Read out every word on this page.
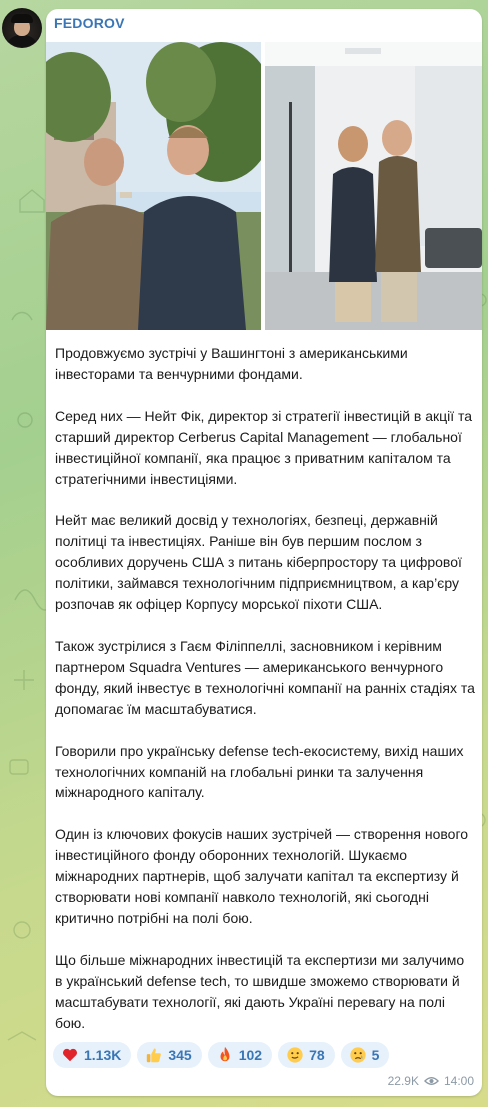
FEDOROV

Продовжуємо зустрічі у Вашингтоні з американськими інвесторами та венчурними фондами.

Серед них — Нейт Фік, директор зі стратегії інвестицій в акції та старший директор Cerberus Capital Management — глобальної інвестиційної компанії, яка працює з приватним капіталом та стратегічними інвестиціями.

Нейт має великий досвід у технологіях, безпеці, державній політиці та інвестиціях. Раніше він був першим послом з особливих доручень США з питань кіберпростору та цифрової політики, займався технологічним підприємництвом, а кар’єру розпочав як офіцер Корпусу морської піхоти США.

Також зустрілися з Гаєм Філіппеллі, засновником і керівним партнером Squadra Ventures — американського венчурного фонду, який інвестує в технологічні компанії на ранніх стадіях та допомагає їм масштабуватися.

Говорили про українську defense tech-екосистему, вихід наших технологічних компаній на глобальні ринки та залучення міжнародного капіталу.

Один із ключових фокусів наших зустрічей — створення нового інвестиційного фонду оборонних технологій. Шукаємо міжнародних партнерів, щоб залучати капітал та експертизу й створювати нові компанії навколо технологій, які сьогодні критично потрібні на полі бою.

Що більше міжнародних інвестицій та експертизи ми залучимо в український defense tech, то швидше зможемо створювати й масштабувати технології, які дають Україні перевагу на полі бою.

1.13K	345	102	78	5
22.9K 14:00
